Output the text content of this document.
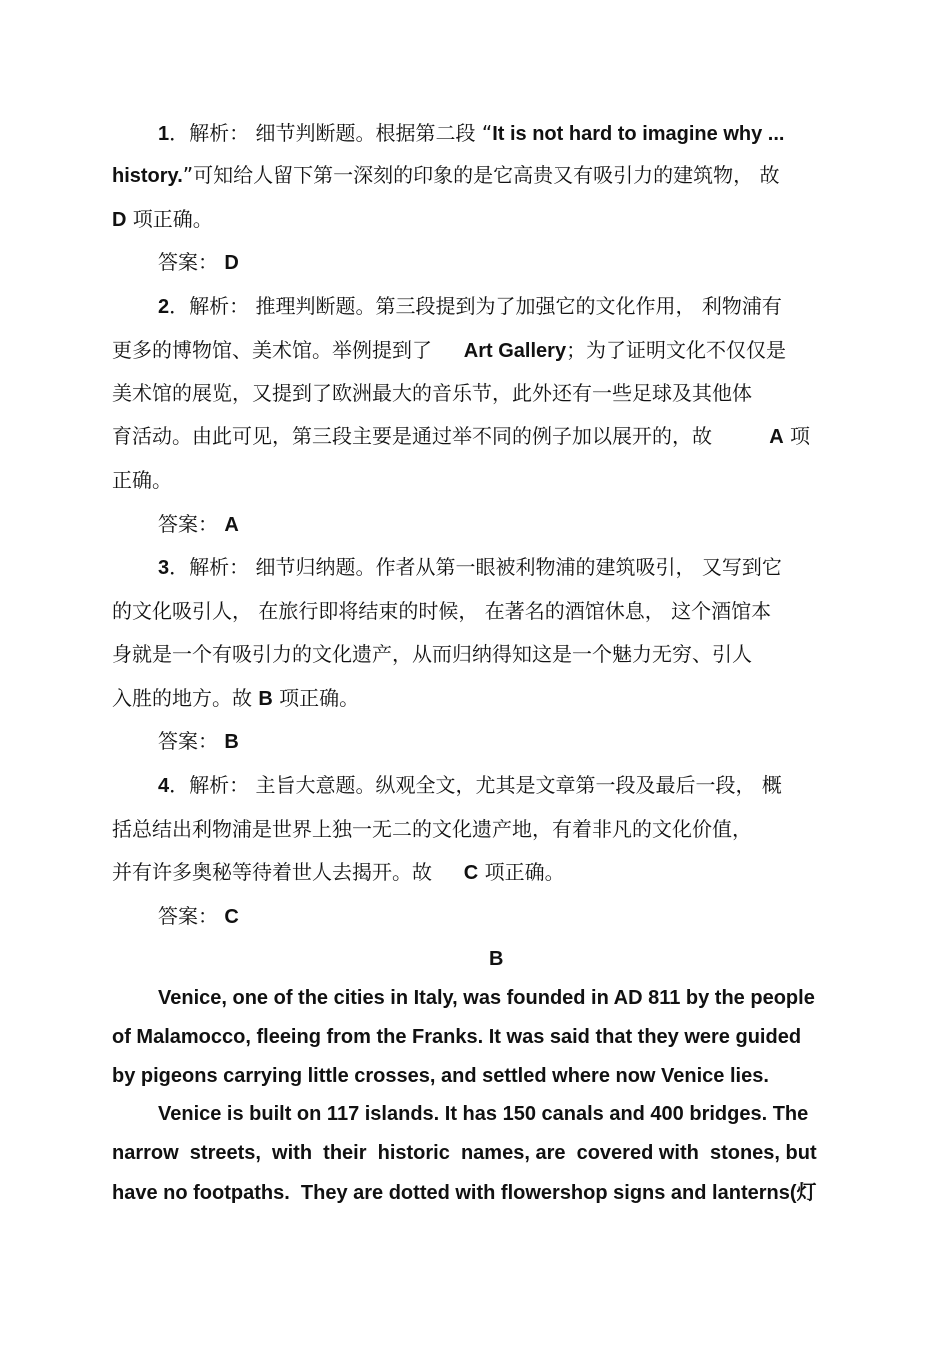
1．解析： 细节判断题。根据第二段 “It is not hard to imagine why ...
history.”可知给人留下第一深刻的印象的是它高贵又有吸引力的建筑物， 故
D 项正确。
答案： D
2．解析： 推理判断题。第三段提到为了加强它的文化作用， 利物浦有
更多的博物馆、美术馆。举例提到了 Art Gallery；为了证明文化不仅仅是
美术馆的展览，又提到了欧洲最大的音乐节，此外还有一些足球及其他体
育活动。由此可见，第三段主要是通过举不同的例子加以展开的，故	A 项
正确。
答案： A
3．解析： 细节归纳题。作者从第一眼被利物浦的建筑吸引， 又写到它
的文化吸引人， 在旅行即将结束的时候， 在著名的酒馆休息， 这个酒馆本
身就是一个有吸引力的文化遗产，从而归纳得知这是一个魅力无穷、引人
入胜的地方。故 B 项正确。
答案： B
4．解析： 主旨大意题。纵观全文，尤其是文章第一段及最后一段， 概
括总结出利物浦是世界上独一无二的文化遗产地，有着非凡的文化价值，
并有许多奥秘等待着世人去揭开。故 C 项正确。
答案： C
B
Venice, one of the cities in Italy, was founded in AD 811 by the people
of Malamocco, fleeing from the Franks. It was said that they were guided
by pigeons carrying little crosses, and settled where now Venice lies.
Venice is built on 117 islands. It has 150 canals and 400 bridges. The
narrow  streets,  with  their  historic  names, are  covered with  stones, but
have no footpaths.  They are dotted with flowershop signs and lanterns(灯
